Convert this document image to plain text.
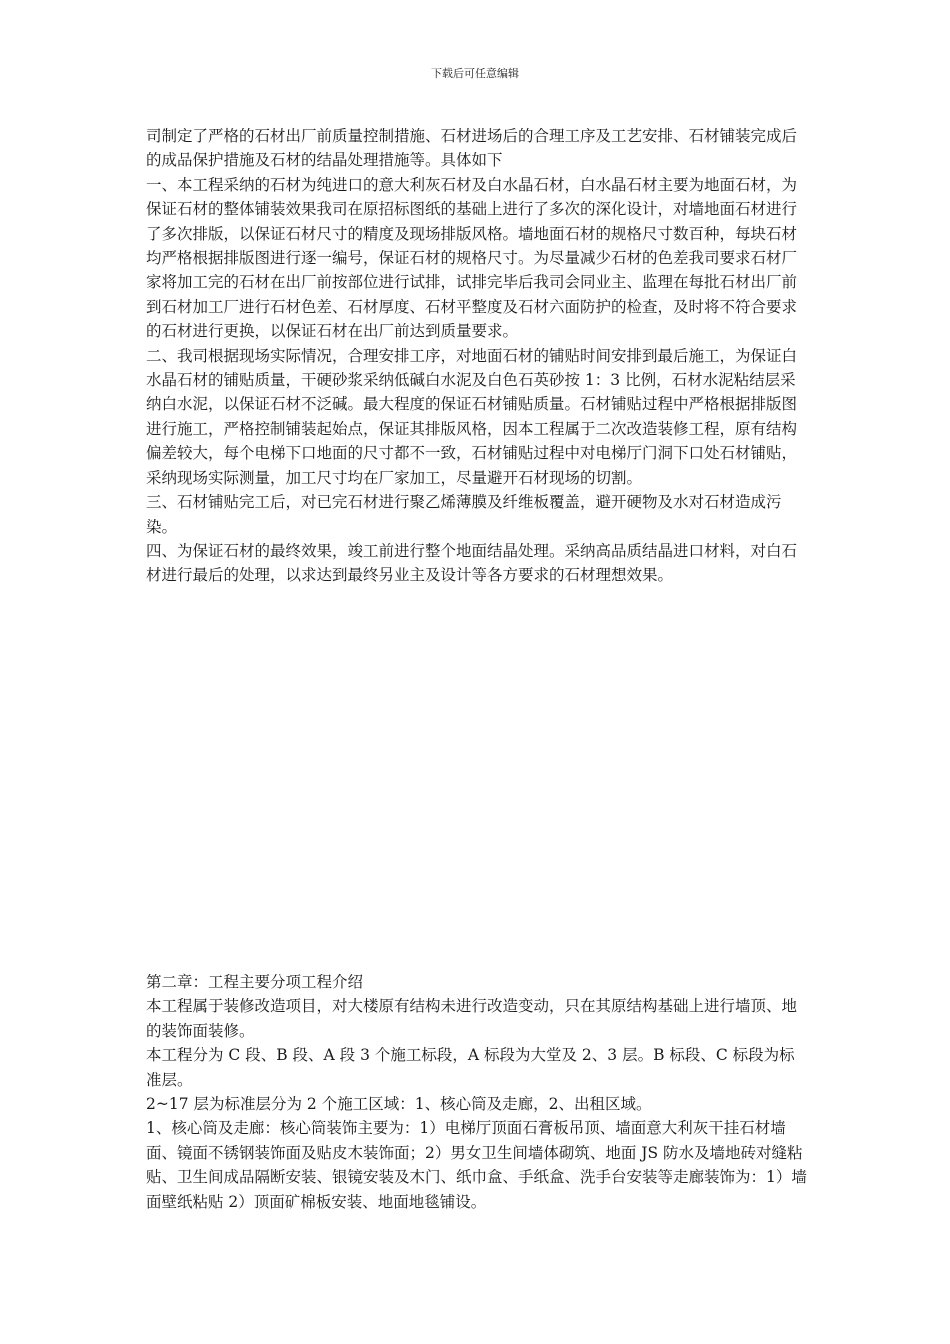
下载后可任意编辑

司制定了严格的石材出厂前质量控制措施、石材进场后的合理工序及工艺安排、石材铺装完成后的成品保护措施及石材的结晶处理措施等。具体如下

一、本工程采纳的石材为纯进口的意大利灰石材及白水晶石材，白水晶石材主要为地面石材，为保证石材的整体铺装效果我司在原招标图纸的基础上进行了多次的深化设计，对墙地面石材进行了多次排版，以保证石材尺寸的精度及现场排版风格。墙地面石材的规格尺寸数百种，每块石材均严格根据排版图进行逐一编号，保证石材的规格尺寸。为尽量减少石材的色差我司要求石材厂家将加工完的石材在出厂前按部位进行试排，试排完毕后我司会同业主、监理在每批石材出厂前到石材加工厂进行石材色差、石材厚度、石材平整度及石材六面防护的检查，及时将不符合要求的石材进行更换，以保证石材在出厂前达到质量要求。

二、我司根据现场实际情况，合理安排工序，对地面石材的铺贴时间安排到最后施工，为保证白水晶石材的铺贴质量，干硬砂浆采纳低碱白水泥及白色石英砂按 1：3 比例，石材水泥粘结层采纳白水泥，以保证石材不泛碱。最大程度的保证石材铺贴质量。石材铺贴过程中严格根据排版图进行施工，严格控制铺装起始点，保证其排版风格，因本工程属于二次改造装修工程，原有结构偏差较大，每个电梯下口地面的尺寸都不一致，石材铺贴过程中对电梯厅门洞下口处石材铺贴，采纳现场实际测量，加工尺寸均在厂家加工，尽量避开石材现场的切割。

三、石材铺贴完工后，对已完石材进行聚乙烯薄膜及纤维板覆盖，避开硬物及水对石材造成污染。

四、为保证石材的最终效果，竣工前进行整个地面结晶处理。采纳高品质结晶进口材料，对白石材进行最后的处理，以求达到最终另业主及设计等各方要求的石材理想效果。

第二章：工程主要分项工程介绍

本工程属于装修改造项目，对大楼原有结构未进行改造变动，只在其原结构基础上进行墙顶、地的装饰面装修。

本工程分为 C 段、B 段、A 段 3 个施工标段，A 标段为大堂及 2、3 层。B 标段、C 标段为标准层。

2~17 层为标准层分为 2 个施工区域：1、核心筒及走廊，2、出租区域。

1、核心筒及走廊：核心筒装饰主要为：1）电梯厅顶面石膏板吊顶、墙面意大利灰干挂石材墙面、镜面不锈钢装饰面及贴皮木装饰面；2）男女卫生间墙体砌筑、地面 JS 防水及墙地砖对缝粘贴、卫生间成品隔断安装、银镜安装及木门、纸巾盒、手纸盒、洗手台安装等走廊装饰为：1）墙面壁纸粘贴 2）顶面矿棉板安装、地面地毯铺设。
